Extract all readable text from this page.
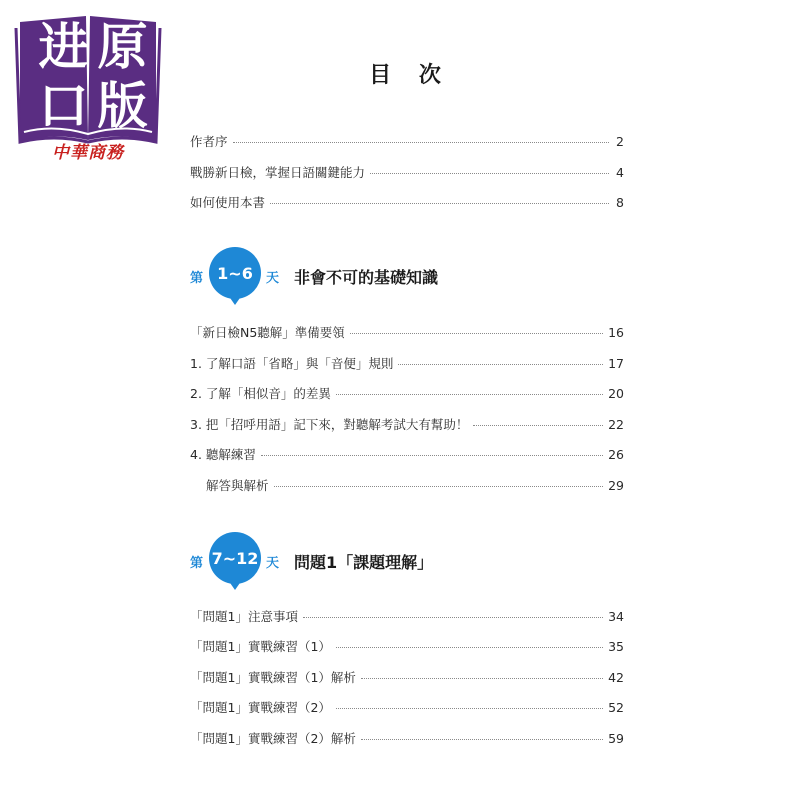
进 原
口 版
中華商務
目 次
作者序	2
戰勝新日檢，掌握日語關鍵能力	4
如何使用本書	8
第 1~6	天 非會不可的基礎知識
「新日檢N5聽解」準備要領	16
1. 了解口語「省略」與「音便」規則	17
2. 了解「相似音」的差異	20
3. 把「招呼用語」記下來，對聽解考試大有幫助！	22
4. 聽解練習	26
解答與解析	29
第 7~12 天 問題1「課題理解」
「問題1」注意事項	34
「問題1」實戰練習（1）	35
「問題1」實戰練習（1）解析	42
「問題1」實戰練習（2）	52
「問題1」實戰練習（2）解析	59
